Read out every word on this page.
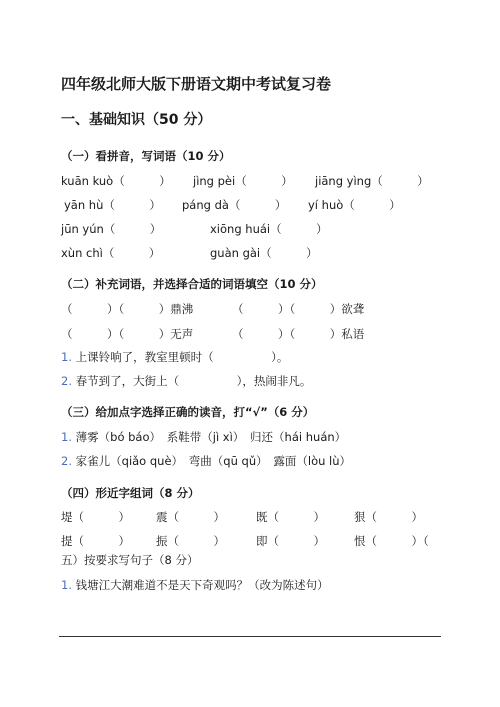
四年级北师大版下册语文期中考试复习卷
一、基础知识（50 分）
（一）看拼音，写词语（10 分）
kuān kuò（　　　） jìng pèi（　　　） jiāng yìng（　　　）
yān hù（　　　） páng dà（　　　） yí huò（　　　）
jūn yún（　　　）	xiōng huái（　　　）
xùn chì（　　　）	guàn gài（　　　）
（二）补充词语，并选择合适的词语填空（10 分）
（　　　）（　　　）鼎沸	（　　　）（　　　）欲聋
（　　　）（　　　）无声	（　　　）（　　　）私语
1. 上课铃响了，教室里顿时（　　　　　）。
2. 春节到了，大街上（　　　　　），热闹非凡。
（三）给加点字选择正确的读音，打“√”（6 分）
1. 薄雾（bó báo）　系鞋带（jì xì）　归还（hái huán）
2. 家雀儿（qiǎo què）　弯曲（qū qǔ）　露面（lòu lù）
（四）形近字组词（8 分）
堤（　　　） 震（　　　）	既（　　　）	狠（　　　）
提（　　　） 振（　　　）	即（　　　）	恨（　　　）（
五）按要求写句子（8 分）
1. 钱塘江大潮难道不是天下奇观吗？（改为陈述句）
